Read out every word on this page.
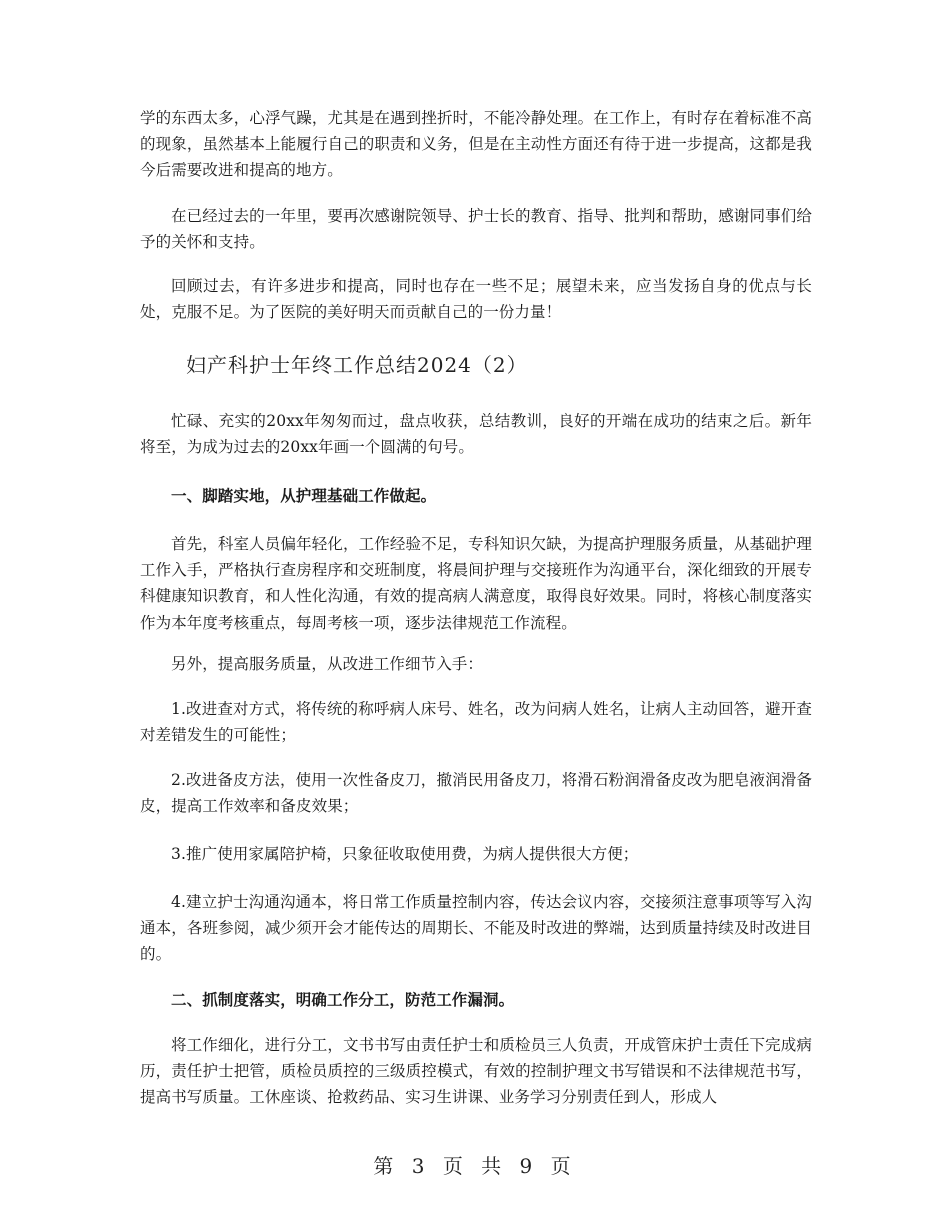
学的东西太多，心浮气躁，尤其是在遇到挫折时，不能冷静处理。在工作上，有时存在着标准不高的现象，虽然基本上能履行自己的职责和义务，但是在主动性方面还有待于进一步提高，这都是我今后需要改进和提高的地方。

在已经过去的一年里，要再次感谢院领导、护士长的教育、指导、批判和帮助，感谢同事们给予的关怀和支持。

回顾过去，有许多进步和提高，同时也存在一些不足；展望未来，应当发扬自身的优点与长处，克服不足。为了医院的美好明天而贡献自己的一份力量！

忙碌、充实的20xx年匆匆而过，盘点收获，总结教训，良好的开端在成功的结束之后。新年将至，为成为过去的20xx年画一个圆满的句号。

一、脚踏实地，从护理基础工作做起。

首先，科室人员偏年轻化，工作经验不足，专科知识欠缺，为提高护理服务质量，从基础护理工作入手，严格执行查房程序和交班制度，将晨间护理与交接班作为沟通平台，深化细致的开展专科健康知识教育，和人性化沟通，有效的提高病人满意度，取得良好效果。同时，将核心制度落实作为本年度考核重点，每周考核一项，逐步法律规范工作流程。

另外，提高服务质量，从改进工作细节入手：

1.改进查对方式，将传统的称呼病人床号、姓名，改为问病人姓名，让病人主动回答，避开查对差错发生的可能性；

2.改进备皮方法，使用一次性备皮刀，撤消民用备皮刀，将滑石粉润滑备皮改为肥皂液润滑备皮，提高工作效率和备皮效果；

3.推广使用家属陪护椅，只象征收取使用费，为病人提供很大方便；

4.建立护士沟通沟通本，将日常工作质量控制内容，传达会议内容，交接须注意事项等写入沟通本，各班参阅，减少须开会才能传达的周期长、不能及时改进的弊端，达到质量持续及时改进目的。

二、抓制度落实，明确工作分工，防范工作漏洞。

将工作细化，进行分工，文书书写由责任护士和质检员三人负责，开成管床护士责任下完成病历，责任护士把管，质检员质控的三级质控模式，有效的控制护理文书写错误和不法律规范书写，提高书写质量。工休座谈、抢救药品、实习生讲课、业务学习分别责任到人，形成人

妇产科护士年终工作总结2024（2）
第 3 页 共 9 页
